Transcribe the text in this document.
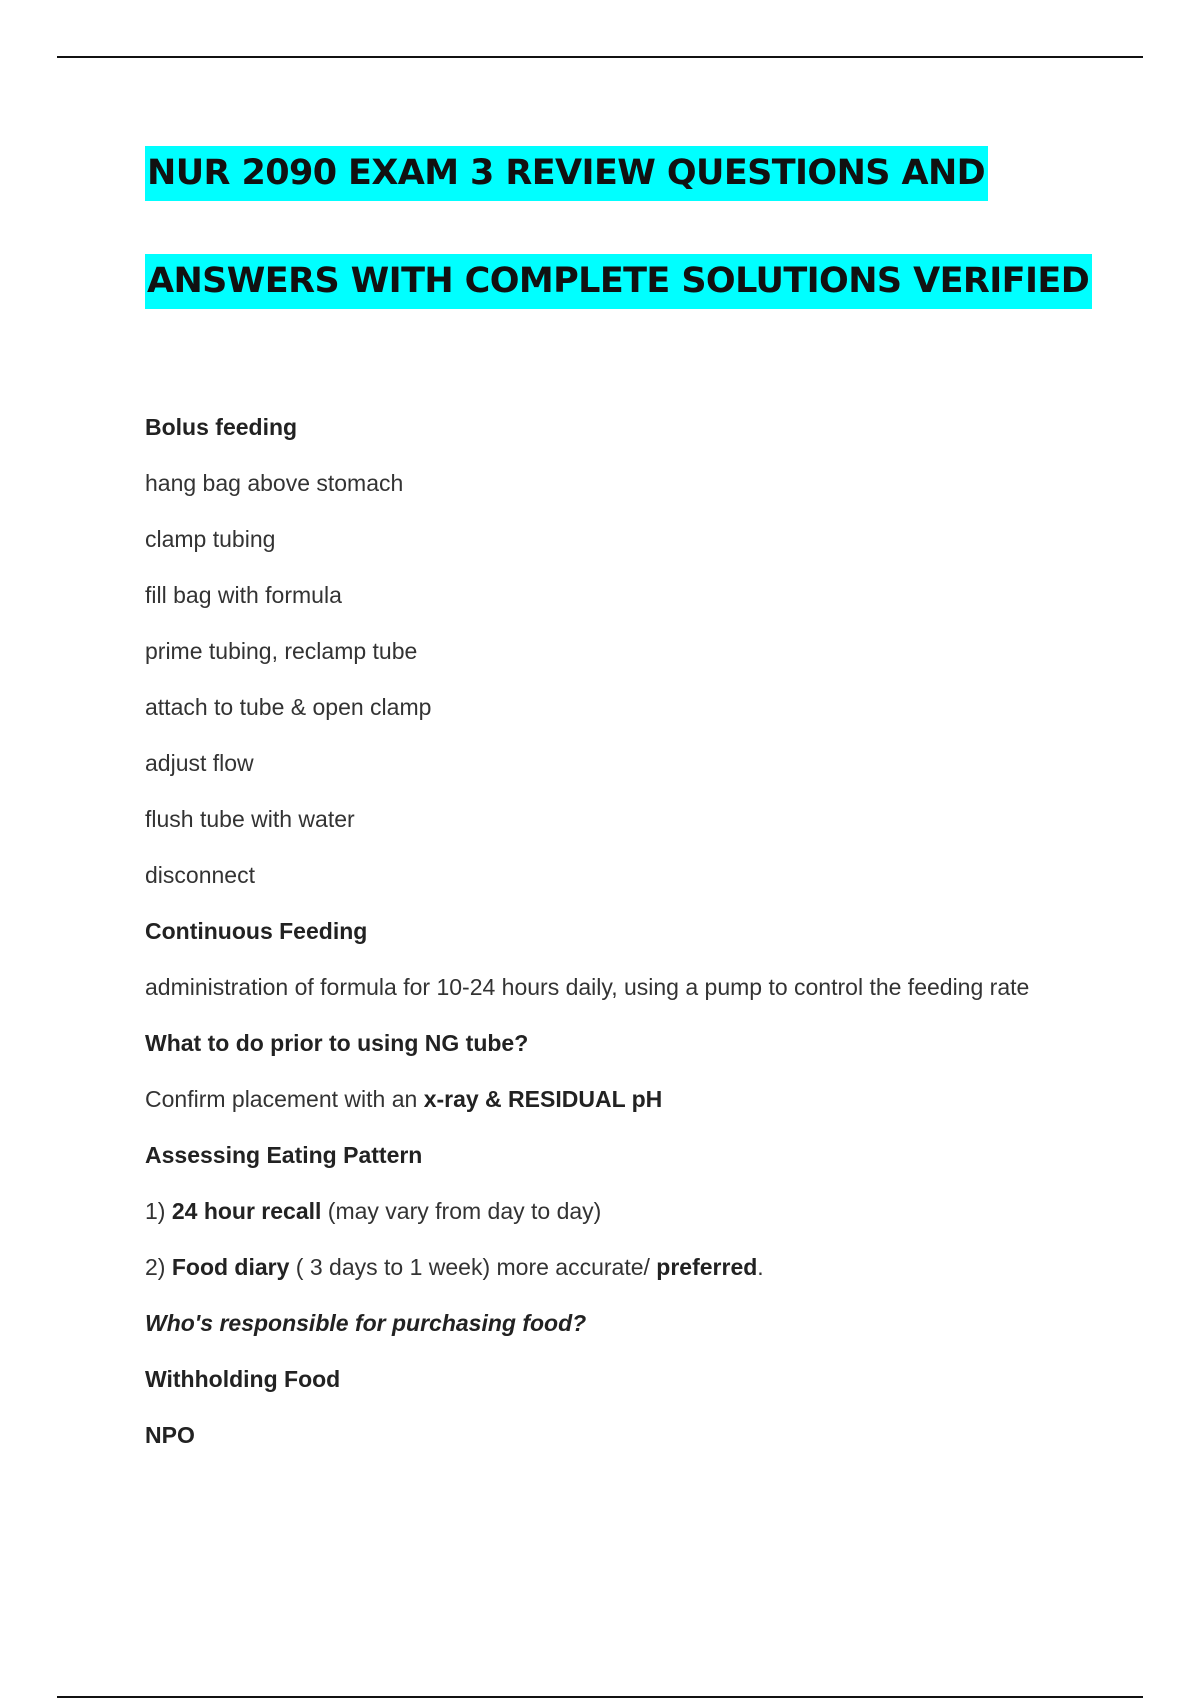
NUR 2090 EXAM 3 REVIEW QUESTIONS AND
ANSWERS WITH COMPLETE SOLUTIONS VERIFIED

Bolus feeding

hang bag above stomach

clamp tubing

fill bag with formula

prime tubing, reclamp tube

attach to tube & open clamp

adjust flow

flush tube with water

disconnect

Continuous Feeding

administration of formula for 10-24 hours daily, using a pump to control the feeding rate

What to do prior to using NG tube?

Confirm placement with an x-ray & RESIDUAL pH

Assessing Eating Pattern

1) 24 hour recall (may vary from day to day)

2) Food diary ( 3 days to 1 week) more accurate/ preferred.

Who's responsible for purchasing food?

Withholding Food

NPO
